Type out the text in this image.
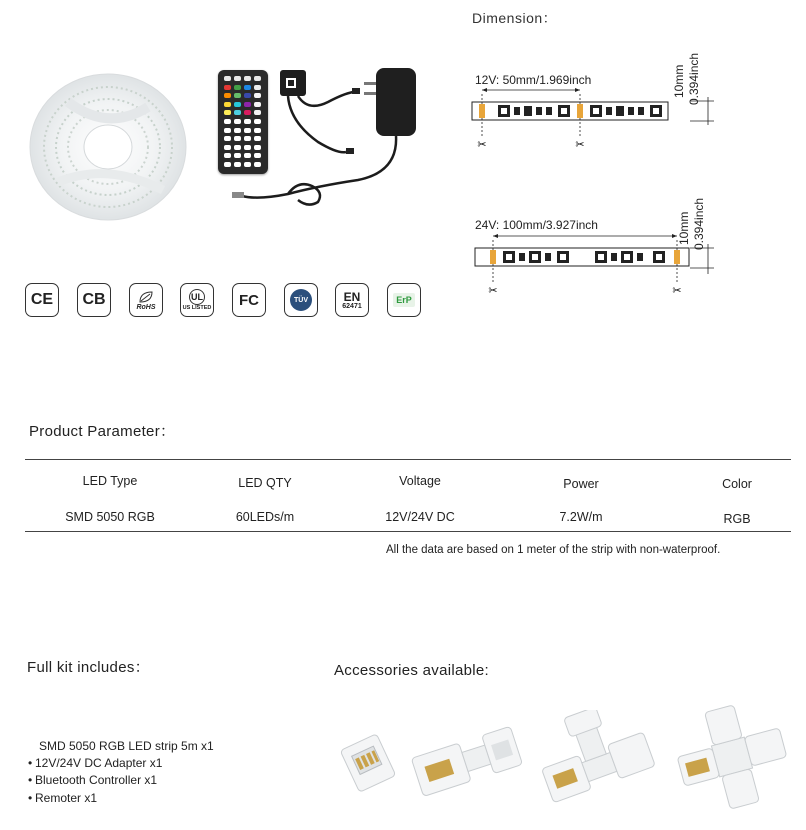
CE CB	RoHS
UL
US LISTED FC	TÜV	EN
62471
ErP
Dimension：
12V: 50mm/1.969inch
✂	✂
10mm 0.394inch
24V: 100mm/3.927inch
✂	✂
10mm 0.394inch
Product Parameter：
LED Type	LED QTY	Voltage	Power	Color
SMD 5050 RGB	60LEDs/m	12V/24V DC	7.2W/m	RGB
All the data are based on 1 meter of the strip with non-waterproof.
Full kit includes：
SMD 5050 RGB LED strip 5m x1
• 12V/24V DC Adapter x1
• Bluetooth Controller x1
• Remoter x1
Accessories available:
